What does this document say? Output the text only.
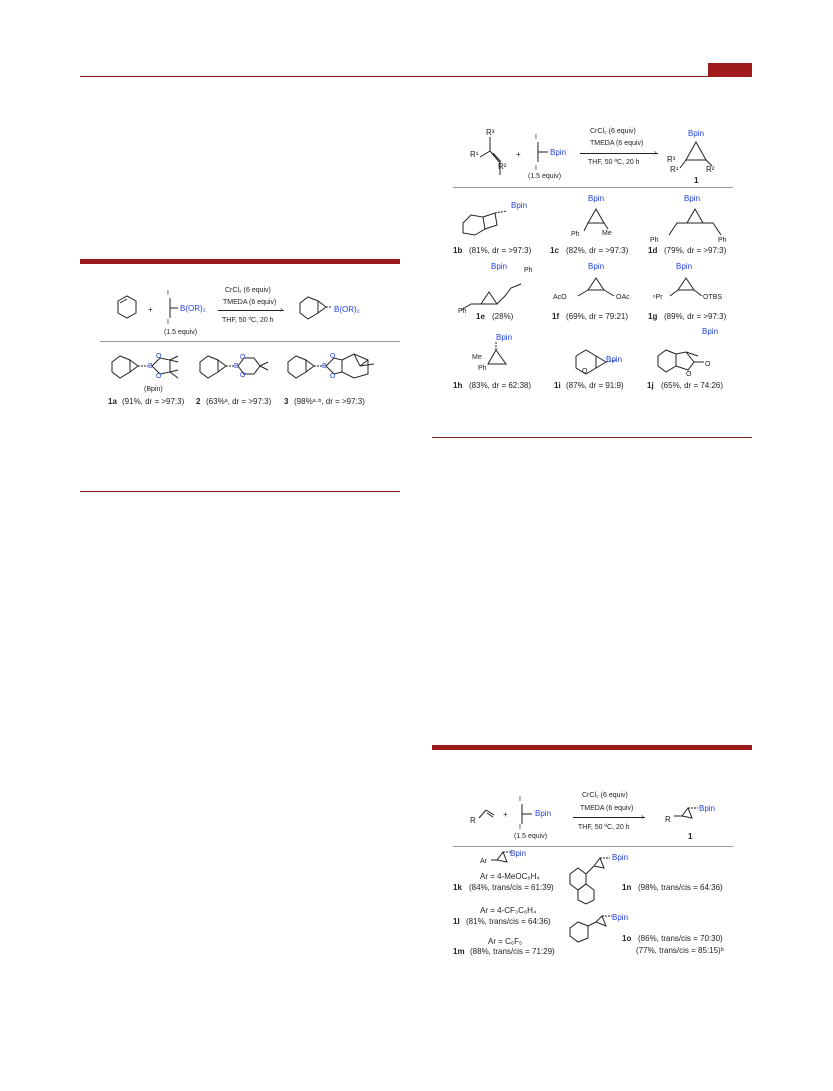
R³
R¹
R²
+
I
I
Bpin
(1.5 equiv)
CrCl₂ (6 equiv)
TMEDA (6 equiv)
›
THF, 50 ºC, 20 h
Bpin
R³
R¹	R²
1
Bpin
1b (81%, dr = >97:3)
Bpin
Ph	Me
1c (82%, dr = >97:3)
Bpin
Ph	Ph
1d (79%, dr = >97:3)
Bpin
Ph
Ph
1e (28%)
Bpin
AcO	OAc
1f (69%, dr = 79:21)
Bpin
ⁿPr	OTBS
1g (89%, dr = >97:3)
Bpin
Me
Ph
1h (83%, dr = 62:38)
Bpin
O
1i (87%, dr = 91:9)
Bpin
O
O
1j (65%, dr = 74:26)
+
I
I
B(OR)₂
(1.5 equiv)
CrCl₂ (6 equiv)
TMEDA (6 equiv)
›
THF, 50 ºC, 20 h
B(OR)₂
B
O
O
(Bpin)
1a (91%, dr = >97:3)
B
O
O
2 (63%ᵃ, dr = >97:3)
B
O
O
3 (98%ᵃ·ᵇ, dr = >97:3)
R
+
I
I
Bpin
(1.5 equiv)
CrCl₂ (6 equiv)
TMEDA (6 equiv)
›
THF, 50 ºC, 20 h
R
Bpin
1
Ar
Bpin
Ar = 4-MeOC₆H₄
1k (84%, trans/cis = 61:39)
Ar = 4-CF₃C₆H₄
1l (81%, trans/cis = 64:36)
Ar = C₆F₅
1m (88%, trans/cis = 71:29)
Bpin
1n (98%, trans/cis = 64:36)
Bpin
1o (86%, trans/cis = 70:30)
(77%, trans/cis = 85:15)ᵇ
